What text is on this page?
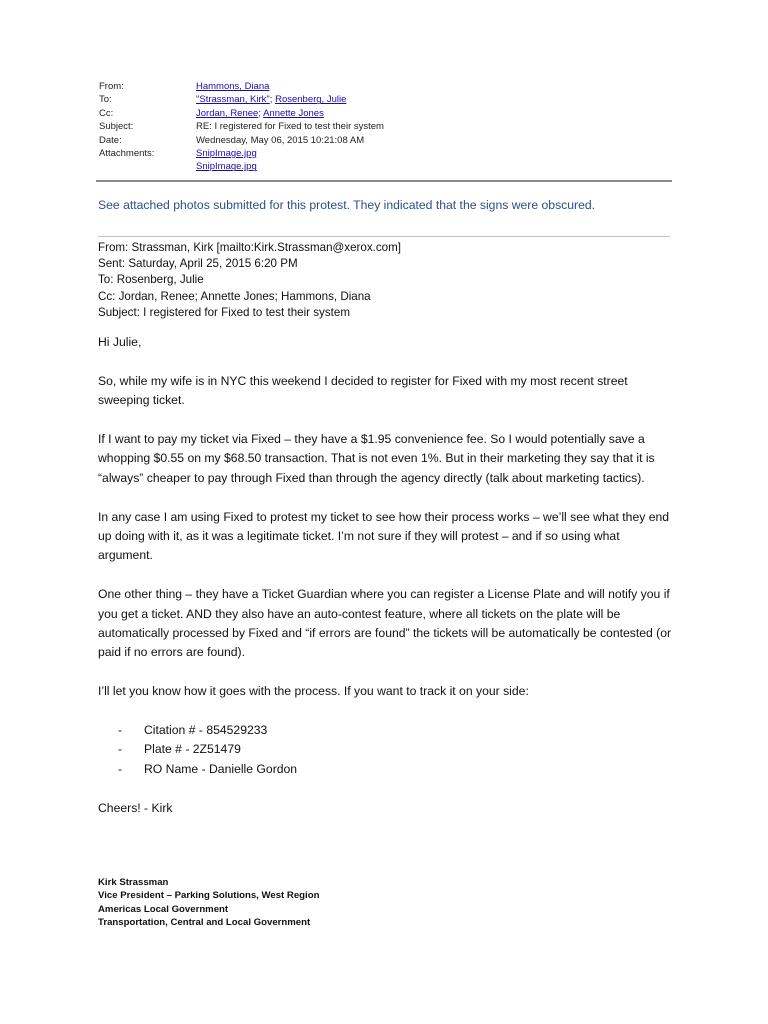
From:	Hammons, Diana
To:	"Strassman, Kirk"; Rosenberg, Julie
Cc:	Jordan, Renee; Annette Jones
Subject:	RE: I registered for Fixed to test their system
Date:	Wednesday, May 06, 2015 10:21:08 AM
Attachments:	SnipImage.jpg
SnipImage.jpg
See attached photos submitted for this protest. They indicated that the signs were obscured.
From: Strassman, Kirk [mailto:Kirk.Strassman@xerox.com]
Sent: Saturday, April 25, 2015 6:20 PM
To: Rosenberg, Julie
Cc: Jordan, Renee; Annette Jones; Hammons, Diana
Subject: I registered for Fixed to test their system

Hi Julie,

So, while my wife is in NYC this weekend I decided to register for Fixed with my most recent street sweeping ticket.

If I want to pay my ticket via Fixed – they have a $1.95 convenience fee. So I would potentially save a whopping $0.55 on my $68.50 transaction. That is not even 1%. But in their marketing they say that it is “always” cheaper to pay through Fixed than through the agency directly (talk about marketing tactics).

In any case I am using Fixed to protest my ticket to see how their process works – we’ll see what they end up doing with it, as it was a legitimate ticket. I’m not sure if they will protest – and if so using what argument.

One other thing – they have a Ticket Guardian where you can register a License Plate and will notify you if you get a ticket. AND they also have an auto-contest feature, where all tickets on the plate will be automatically processed by Fixed and “if errors are found” the tickets will be automatically be contested (or paid if no errors are found).

I’ll let you know how it goes with the process. If you want to track it on your side:

-	Citation # - 854529233
-	Plate # - 2Z51479
-	RO Name - Danielle Gordon

Cheers! - Kirk

Kirk Strassman
Vice President – Parking Solutions, West Region
Americas Local Government
Transportation, Central and Local Government
